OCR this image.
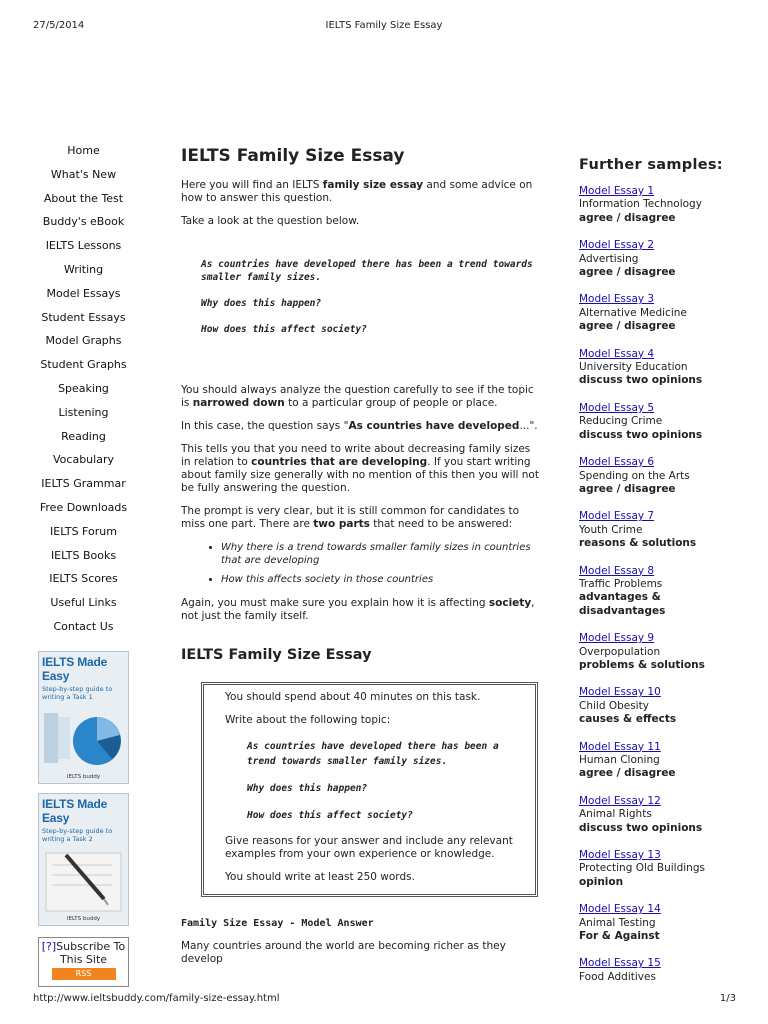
27/5/2014	IELTS Family Size Essay
Home
What's New
About the Test
Buddy's eBook
IELTS Lessons
Writing
Model Essays
Student Essays
Model Graphs
Student Graphs
Speaking
Listening
Reading
Vocabulary
IELTS Grammar
Free Downloads
IELTS Forum
IELTS Books
IELTS Scores
Useful Links
Contact Us
IELTS Made Easy
Step-by-step guide to writing a Task 1
IELTS buddy
IELTS Made Easy
Step-by-step guide to writing a Task 2
IELTS buddy
[?]Subscribe To This Site
RSS
IELTS Family Size Essay

Here you will find an IELTS family size essay and some advice on how to answer this question.

Take a look at the question below.

As countries have developed there has been a trend towards smaller family sizes.
Why does this happen?
How does this affect society?

You should always analyze the question carefully to see if the topic is narrowed down to a particular group of people or place.

In this case, the question says "As countries have developed...".

This tells you that you need to write about decreasing family sizes in relation to countries that are developing. If you start writing about family size generally with no mention of this then you will not be fully answering the question.

The prompt is very clear, but it is still common for candidates to miss one part. There are two parts that need to be answered:

• Why there is a trend towards smaller family sizes in countries that are developing
• How this affects society in those countries

Again, you must make sure you explain how it is affecting society, not just the family itself.

IELTS Family Size Essay

You should spend about 40 minutes on this task.

Write about the following topic:

As countries have developed there has been a trend towards smaller family sizes.
Why does this happen?
How does this affect society?

Give reasons for your answer and include any relevant examples from your own experience or knowledge.

You should write at least 250 words.

Family Size Essay - Model Answer

Many countries around the world are becoming richer as they develop

Further samples:
Model Essay 1
Information Technology
agree / disagree
Model Essay 2
Advertising
agree / disagree
Model Essay 3
Alternative Medicine
agree / disagree
Model Essay 4
University Education
discuss two opinions
Model Essay 5
Reducing Crime
discuss two opinions
Model Essay 6
Spending on the Arts
agree / disagree
Model Essay 7
Youth Crime
reasons & solutions
Model Essay 8
Traffic Problems
advantages & disadvantages
Model Essay 9
Overpopulation
problems & solutions
Model Essay 10
Child Obesity
causes & effects
Model Essay 11
Human Cloning
agree / disagree
Model Essay 12
Animal Rights
discuss two opinions
Model Essay 13
Protecting Old Buildings
opinion
Model Essay 14
Animal Testing
For & Against
Model Essay 15
Food Additives
http://www.ieltsbuddy.com/family-size-essay.html	1/3
